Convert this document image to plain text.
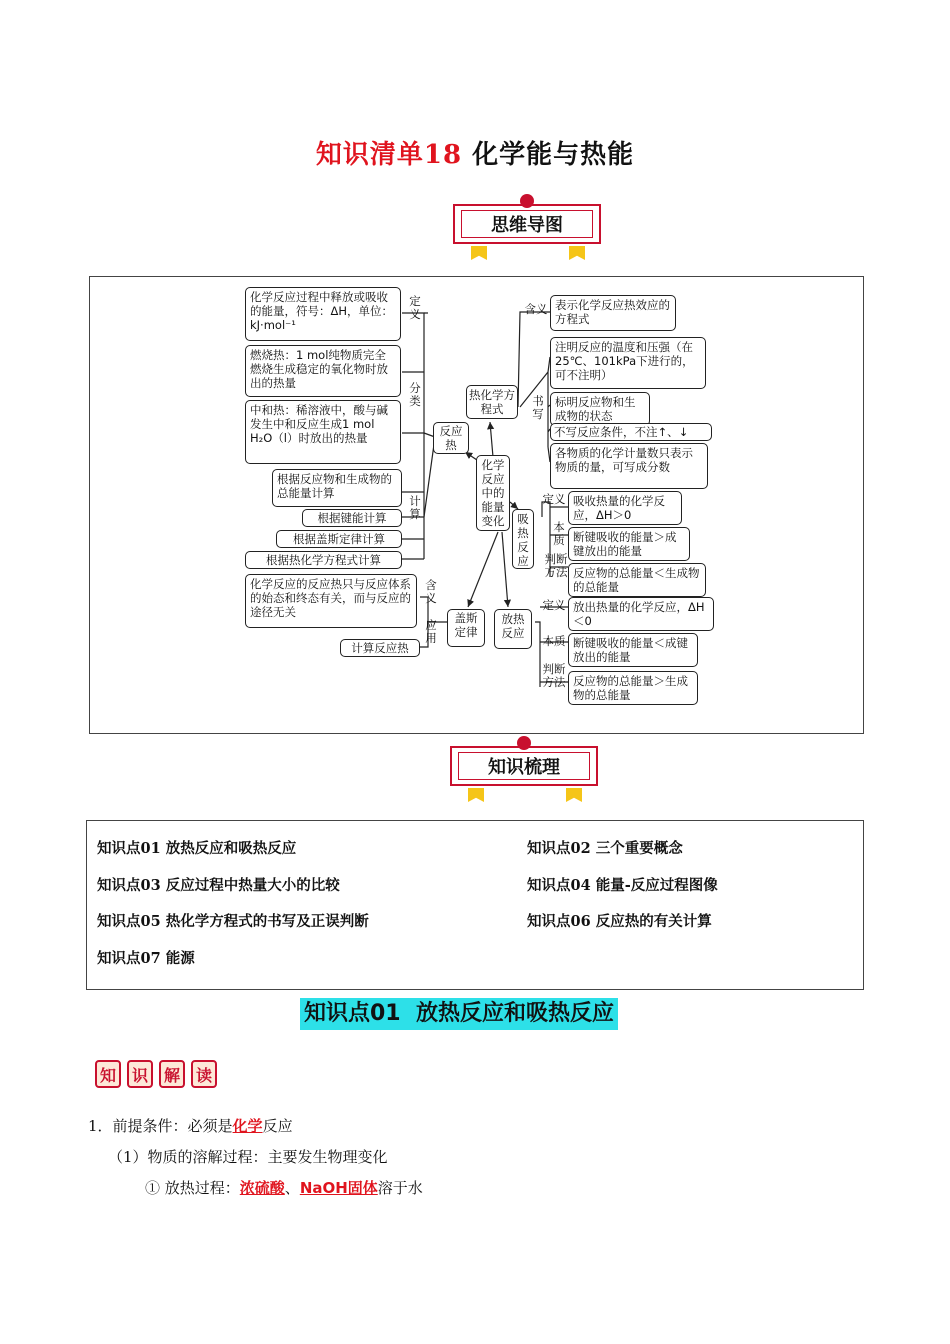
知识清单18 化学能与热能
思维导图
化学反应过程中释放或吸收的能量，符号：ΔH，单位：kJ·mol⁻¹
定义
燃烧热：1 mol纯物质完全燃烧生成稳定的氧化物时放出的热量
中和热：稀溶液中，酸与碱发生中和反应生成1 mol H₂O（l）时放出的热量
分类
根据反应物和生成物的总能量计算
根据键能计算
根据盖斯定律计算
根据热化学方程式计算
计算
反应热
化学反应的反应热只与反应体系的始态和终态有关，而与反应的途径无关
含义
应用
计算反应热
盖斯定律
化学反应中的能量变化
热化学方程式
含义 表示化学反应热效应的方程式
书写
注明反应的温度和压强（在25℃、101kPa下进行的，可不注明）
标明反应物和生成物的状态
不写反应条件，不注↑、↓
各物质的化学计量数只表示物质的量，可写成分数
吸热反应
定义 吸收热量的化学反应，ΔH＞0
本质 断键吸收的能量＞成键放出的能量
判断方法 反应物的总能量＜生成物的总能量
放热反应
定义 放出热量的化学反应，ΔH＜0
本质 断键吸收的能量＜成键放出的能量
判断方法 反应物的总能量＞生成物的总能量
知识梳理
知识点01 放热反应和吸热反应	知识点02 三个重要概念
知识点03 反应过程中热量大小的比较	知识点04 能量-反应过程图像
知识点05 热化学方程式的书写及正误判断	知识点06 反应热的有关计算
知识点07 能源
知识点01 放热反应和吸热反应
知 识 解 读
1．前提条件：必须是化学反应
（1）物质的溶解过程：主要发生物理变化
① 放热过程：浓硫酸、NaOH固体溶于水
